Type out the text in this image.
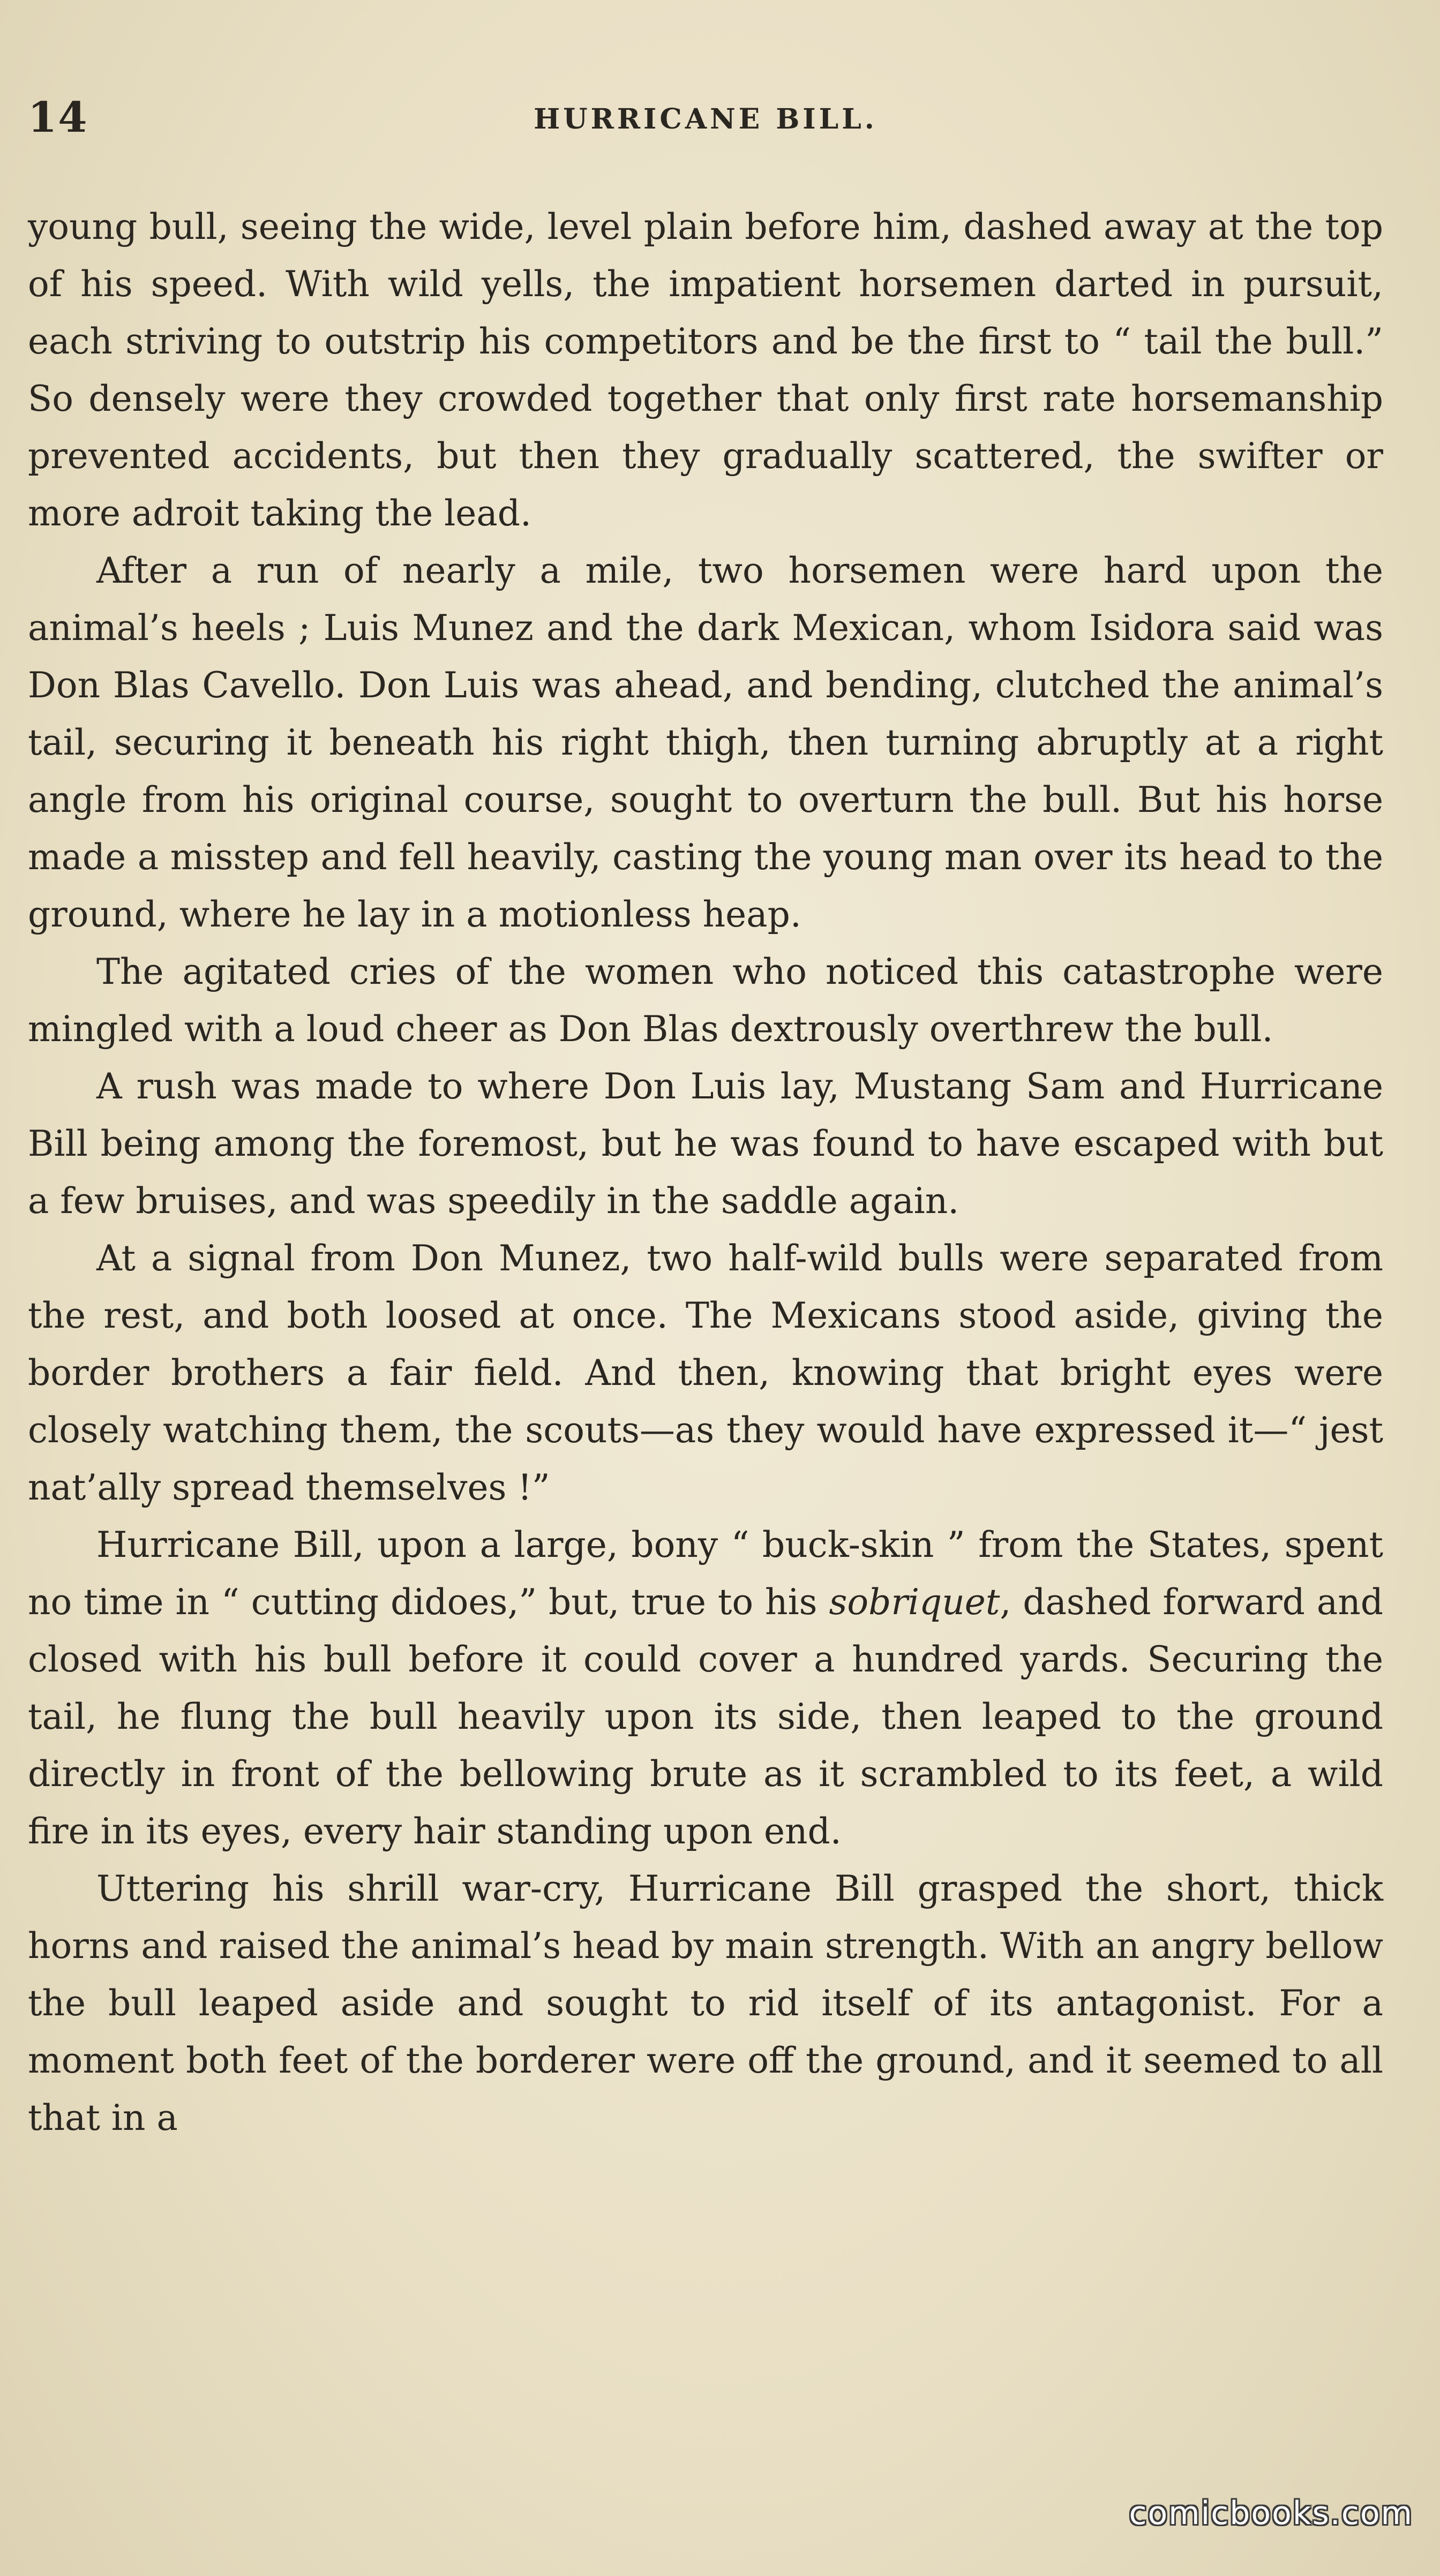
14	HURRICANE BILL.

young bull, seeing the wide, level plain before him, dashed away at the top of his speed. With wild yells, the impatient horsemen darted in pursuit, each striving to outstrip his competitors and be the first to “ tail the bull.” So densely were they crowded together that only first rate horsemanship prevented accidents, but then they gradually scattered, the swifter or more adroit taking the lead.

After a run of nearly a mile, two horsemen were hard upon the animal’s heels ; Luis Munez and the dark Mexican, whom Isidora said was Don Blas Cavello. Don Luis was ahead, and bending, clutched the animal’s tail, securing it beneath his right thigh, then turning abruptly at a right angle from his original course, sought to overturn the bull. But his horse made a misstep and fell heavily, casting the young man over its head to the ground, where he lay in a motionless heap.

The agitated cries of the women who noticed this catastrophe were mingled with a loud cheer as Don Blas dextrously overthrew the bull.

A rush was made to where Don Luis lay, Mustang Sam and Hurricane Bill being among the foremost, but he was found to have escaped with but a few bruises, and was speedily in the saddle again.

At a signal from Don Munez, two half-wild bulls were separated from the rest, and both loosed at once. The Mexicans stood aside, giving the border brothers a fair field. And then, knowing that bright eyes were closely watching them, the scouts—as they would have expressed it—“ jest nat’ally spread themselves !”

Hurricane Bill, upon a large, bony “ buck-skin ” from the States, spent no time in “ cutting didoes,” but, true to his sobriquet, dashed forward and closed with his bull before it could cover a hundred yards. Securing the tail, he flung the bull heavily upon its side, then leaped to the ground directly in front of the bellowing brute as it scrambled to its feet, a wild fire in its eyes, every hair standing upon end.

Uttering his shrill war-cry, Hurricane Bill grasped the short, thick horns and raised the animal’s head by main strength. With an angry bellow the bull leaped aside and sought to rid itself of its antagonist. For a moment both feet of the borderer were off the ground, and it seemed to all that in a

comicbooks.com
